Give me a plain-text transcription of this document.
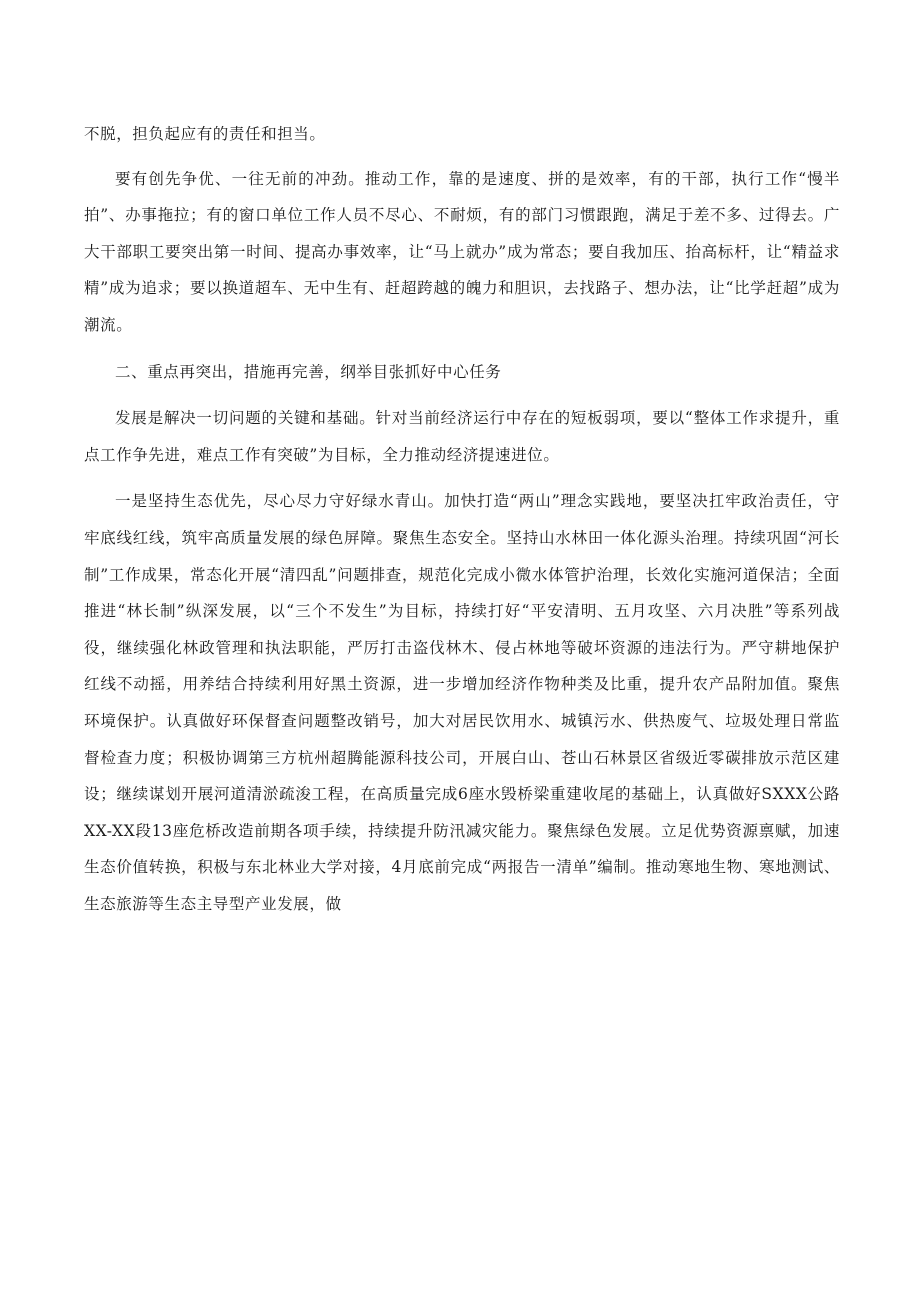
不脱，担负起应有的责任和担当。

要有创先争优、一往无前的冲劲。推动工作，靠的是速度、拼的是效率，有的干部，执行工作“慢半拍”、办事拖拉；有的窗口单位工作人员不尽心、不耐烦，有的部门习惯跟跑，满足于差不多、过得去。广大干部职工要突出第一时间、提高办事效率，让“马上就办”成为常态；要自我加压、抬高标杆，让“精益求精”成为追求；要以换道超车、无中生有、赶超跨越的魄力和胆识，去找路子、想办法，让“比学赶超”成为潮流。

二、重点再突出，措施再完善，纲举目张抓好中心任务

发展是解决一切问题的关键和基础。针对当前经济运行中存在的短板弱项，要以“整体工作求提升，重点工作争先进，难点工作有突破”为目标，全力推动经济提速进位。

一是坚持生态优先，尽心尽力守好绿水青山。加快打造“两山”理念实践地，要坚决扛牢政治责任，守牢底线红线，筑牢高质量发展的绿色屏障。聚焦生态安全。坚持山水林田一体化源头治理。持续巩固“河长制”工作成果，常态化开展“清四乱”问题排查，规范化完成小微水体管护治理，长效化实施河道保洁；全面推进“林长制”纵深发展，以“三个不发生”为目标，持续打好“平安清明、五月攻坚、六月决胜”等系列战役，继续强化林政管理和执法职能，严厉打击盗伐林木、侵占林地等破坏资源的违法行为。严守耕地保护红线不动摇，用养结合持续利用好黑土资源，进一步增加经济作物种类及比重，提升农产品附加值。聚焦环境保护。认真做好环保督查问题整改销号，加大对居民饮用水、城镇污水、供热废气、垃圾处理日常监督检查力度；积极协调第三方杭州超腾能源科技公司，开展白山、苍山石林景区省级近零碳排放示范区建设；继续谋划开展河道清淤疏浚工程，在高质量完成6座水毁桥梁重建收尾的基础上，认真做好SXXX公路XX-XX段13座危桥改造前期各项手续，持续提升防汛减灾能力。聚焦绿色发展。立足优势资源禀赋，加速生态价值转换，积极与东北林业大学对接，4月底前完成“两报告一清单”编制。推动寒地生物、寒地测试、生态旅游等生态主导型产业发展，做
